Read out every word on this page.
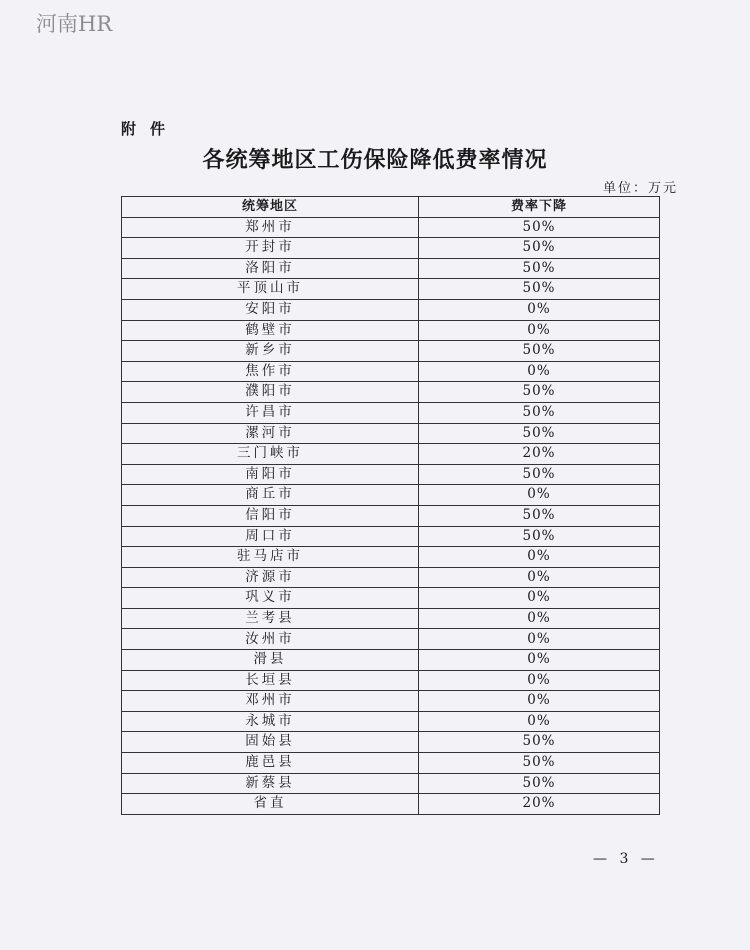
河南HR
附件
各统筹地区工伤保险降低费率情况
单位：万元
统筹地区	费率下降
郑州市	50%
开封市	50%
洛阳市	50%
平顶山市	50%
安阳市	0%
鹤壁市	0%
新乡市	50%
焦作市	0%
濮阳市	50%
许昌市	50%
漯河市	50%
三门峡市	20%
南阳市	50%
商丘市	0%
信阳市	50%
周口市	50%
驻马店市	0%
济源市	0%
巩义市	0%
兰考县	0%
汝州市	0%
滑县	0%
长垣县	0%
邓州市	0%
永城市	0%
固始县	50%
鹿邑县	50%
新蔡县	50%
省直	20%
— 3 —
